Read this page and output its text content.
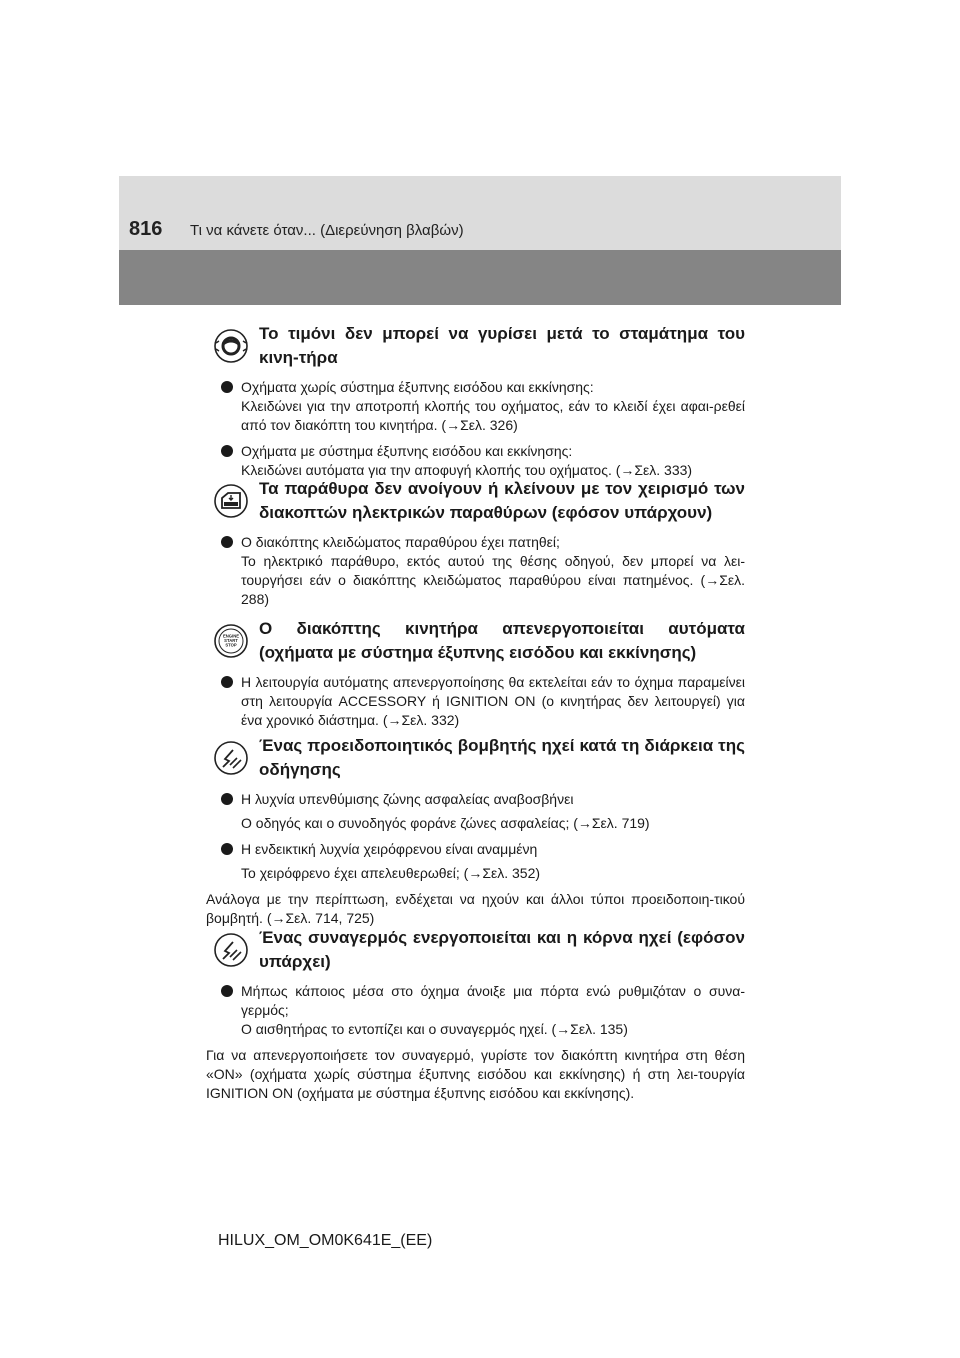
816 Τι να κάνετε όταν... (Διερεύνηση βλαβών)
Το τιμόνι δεν μπορεί να γυρίσει μετά το σταμάτημα του κινη-τήρα
Οχήματα χωρίς σύστημα έξυπνης εισόδου και εκκίνησης:
Κλειδώνει για την αποτροπή κλοπής του οχήματος, εάν το κλειδί έχει αφαι-ρεθεί από τον διακόπτη του κινητήρα. (→Σελ. 326)
Οχήματα με σύστημα έξυπνης εισόδου και εκκίνησης:
Κλειδώνει αυτόματα για την αποφυγή κλοπής του οχήματος. (→Σελ. 333)
Τα παράθυρα δεν ανοίγουν ή κλείνουν με τον χειρισμό των διακοπτών ηλεκτρικών παραθύρων (εφόσον υπάρχουν)
Ο διακόπτης κλειδώματος παραθύρου έχει πατηθεί;
Το ηλεκτρικό παράθυρο, εκτός αυτού της θέσης οδηγού, δεν μπορεί να λει-τουργήσει εάν ο διακόπτης κλειδώματος παραθύρου είναι πατημένος. (→Σελ. 288)
ENGINE
START
STOP
Ο διακόπτης κινητήρα απενεργοποιείται αυτόματα (οχήματα με σύστημα έξυπνης εισόδου και εκκίνησης)
Η λειτουργία αυτόματης απενεργοποίησης θα εκτελείται εάν το όχημα παραμείνει στη λειτουργία ACCESSORY ή IGNITION ON (ο κινητήρας δεν λειτουργεί) για ένα χρονικό διάστημα. (→Σελ. 332)
Ένας προειδοποιητικός βομβητής ηχεί κατά τη διάρκεια της οδήγησης
Η λυχνία υπενθύμισης ζώνης ασφαλείας αναβοσβήνει
Ο οδηγός και ο συνοδηγός φοράνε ζώνες ασφαλείας; (→Σελ. 719)
Η ενδεικτική λυχνία χειρόφρενου είναι αναμμένη
Το χειρόφρενο έχει απελευθερωθεί; (→Σελ. 352)

Ανάλογα με την περίπτωση, ενδέχεται να ηχούν και άλλοι τύποι προειδοποιη-τικού βομβητή. (→Σελ. 714, 725)

Ένας συναγερμός ενεργοποιείται και η κόρνα ηχεί (εφόσον υπάρχει)
Μήπως κάποιος μέσα στο όχημα άνοιξε μια πόρτα ενώ ρυθμιζόταν ο συνα-γερμός;
Ο αισθητήρας το εντοπίζει και ο συναγερμός ηχεί. (→Σελ. 135)

Για να απενεργοποιήσετε τον συναγερμό, γυρίστε τον διακόπτη κινητήρα στη θέση «ON» (οχήματα χωρίς σύστημα έξυπνης εισόδου και εκκίνησης) ή στη λει-τουργία IGNITION ON (οχήματα με σύστημα έξυπνης εισόδου και εκκίνησης).

HILUX_OM_OM0K641E_(EE)
